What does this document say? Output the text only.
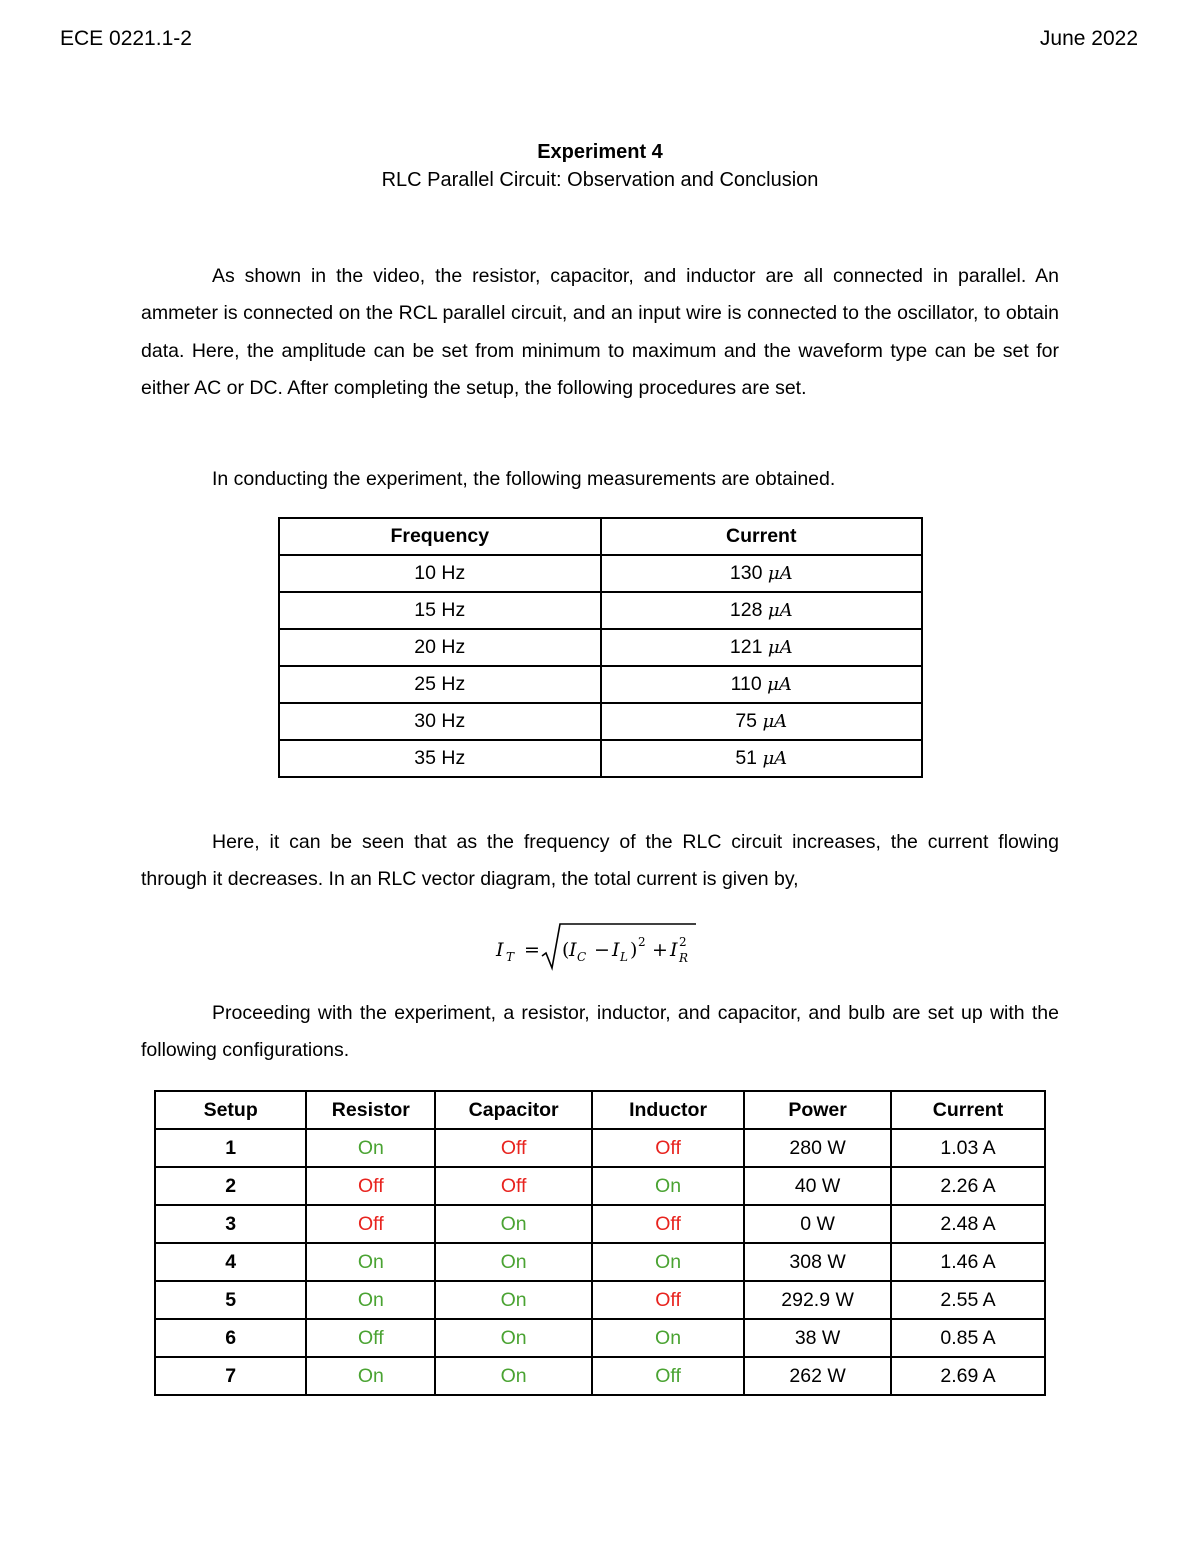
ECE 0221.1-2	June 2022
Experiment 4
RLC Parallel Circuit: Observation and Conclusion

As shown in the video, the resistor, capacitor, and inductor are all connected in parallel. An ammeter is connected on the RCL parallel circuit, and an input wire is connected to the oscillator, to obtain data. Here, the amplitude can be set from minimum to maximum and the waveform type can be set for either AC or DC. After completing the setup, the following procedures are set.

In conducting the experiment, the following measurements are obtained.

Frequency	Current
10 Hz	130 μA
15 Hz	128 μA
20 Hz	121 μA
25 Hz	110 μA
30 Hz	75 μA
35 Hz	51 μA

Here, it can be seen that as the frequency of the RLC circuit increases, the current flowing through it decreases. In an RLC vector diagram, the total current is given by,

I T = ( I C − I L ) 2 + I 2
R

Proceeding with the experiment, a resistor, inductor, and capacitor, and bulb are set up with the following configurations.

Setup	Resistor	Capacitor	Inductor	Power	Current
1	On	Off	Off	280 W	1.03 A
2	Off	Off	On	40 W	2.26 A
3	Off	On	Off	0 W	2.48 A
4	On	On	On	308 W	1.46 A
5	On	On	Off	292.9 W	2.55 A
6	Off	On	On	38 W	0.85 A
7	On	On	Off	262 W	2.69 A
